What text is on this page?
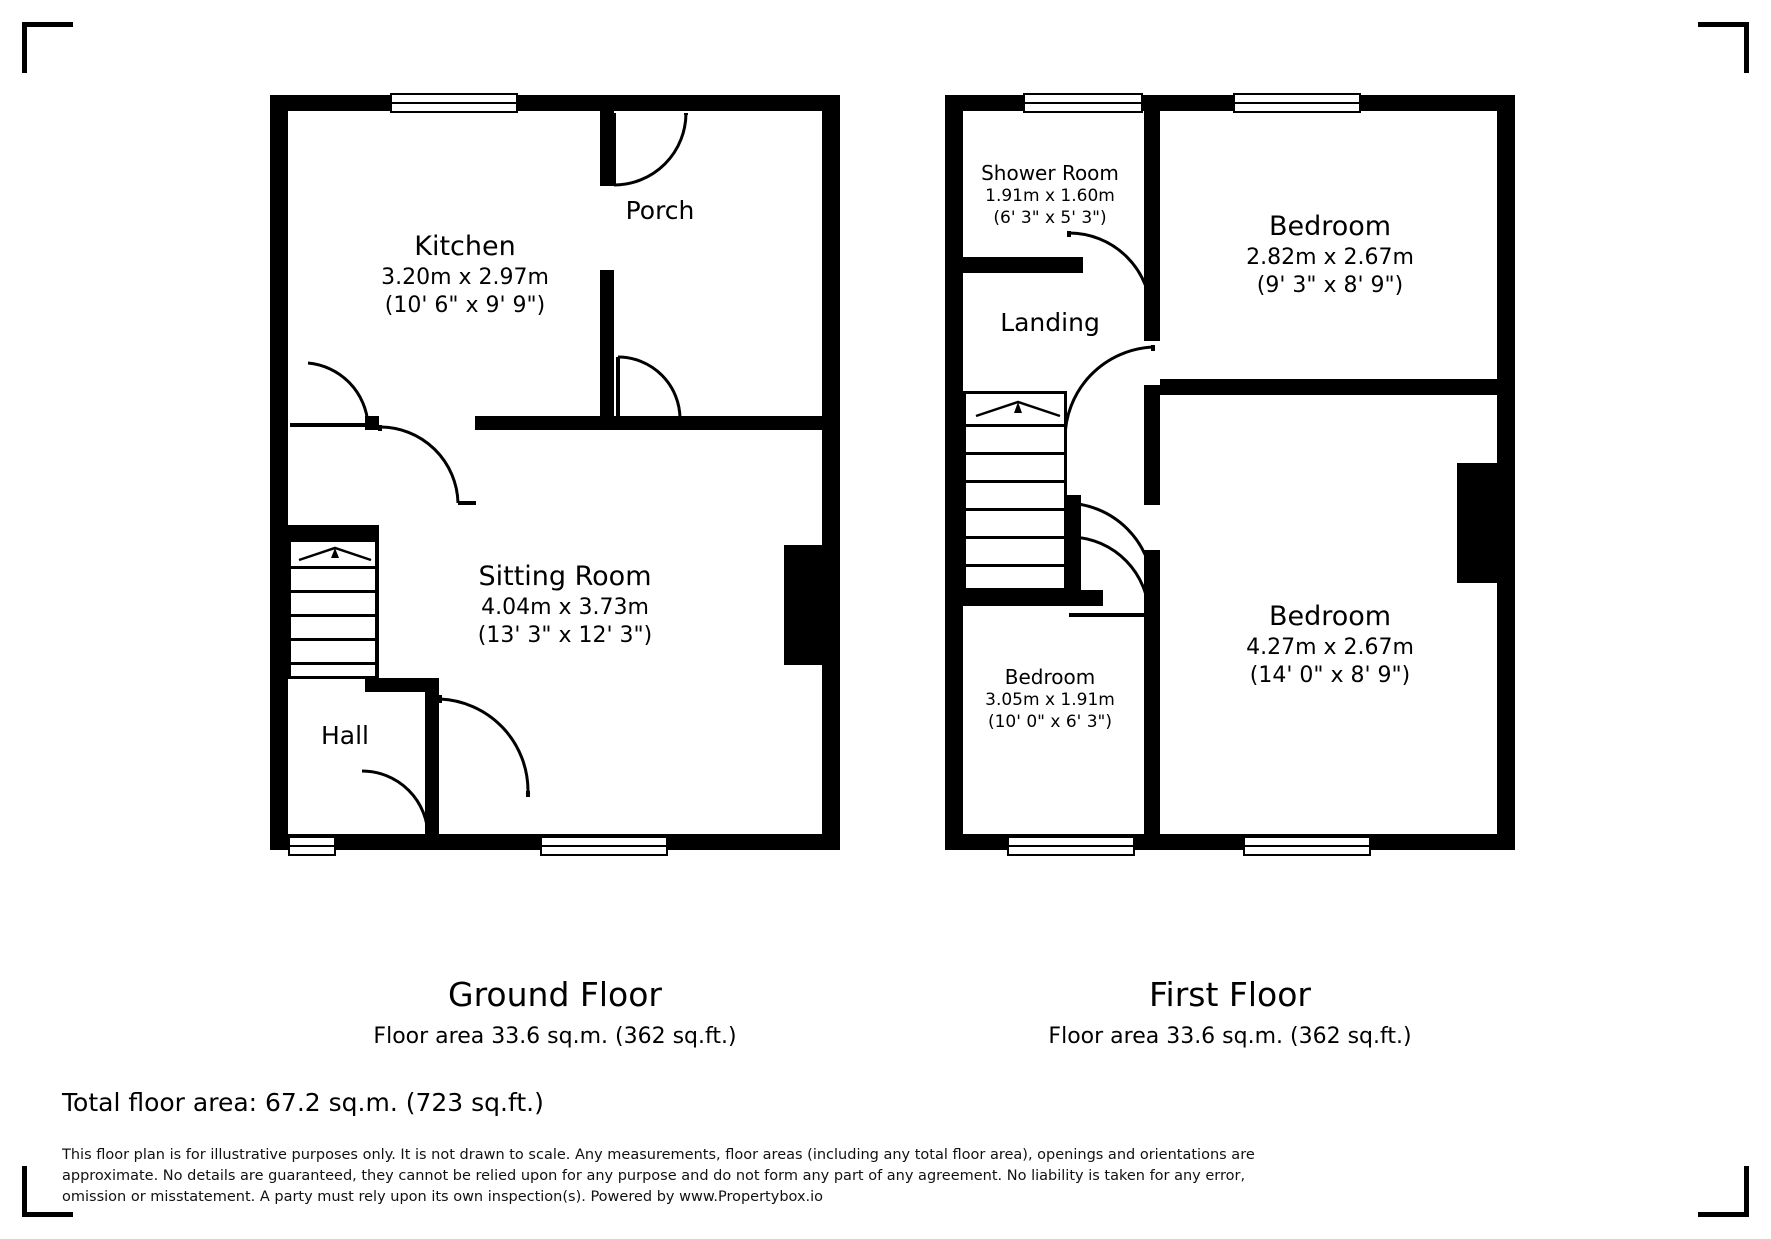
Kitchen
3.20m x 2.97m
(10' 6" x 9' 9")
Porch
Sitting Room
4.04m x 3.73m
(13' 3" x 12' 3")
Hall
Shower Room
1.91m x 1.60m
(6' 3" x 5' 3")
Landing
Bedroom
2.82m x 2.67m
(9' 3" x 8' 9")
Bedroom
4.27m x 2.67m
(14' 0" x 8' 9")
Bedroom
3.05m x 1.91m
(10' 0" x 6' 3")
Ground Floor
Floor area 33.6 sq.m. (362 sq.ft.)
First Floor
Floor area 33.6 sq.m. (362 sq.ft.)
Total floor area: 67.2 sq.m. (723 sq.ft.)
This floor plan is for illustrative purposes only. It is not drawn to scale. Any measurements, floor areas (including any total floor area), openings and orientations are approximate. No details are guaranteed, they cannot be relied upon for any purpose and do not form any part of any agreement. No liability is taken for any error, omission or misstatement. A party must rely upon its own inspection(s). Powered by www.Propertybox.io
